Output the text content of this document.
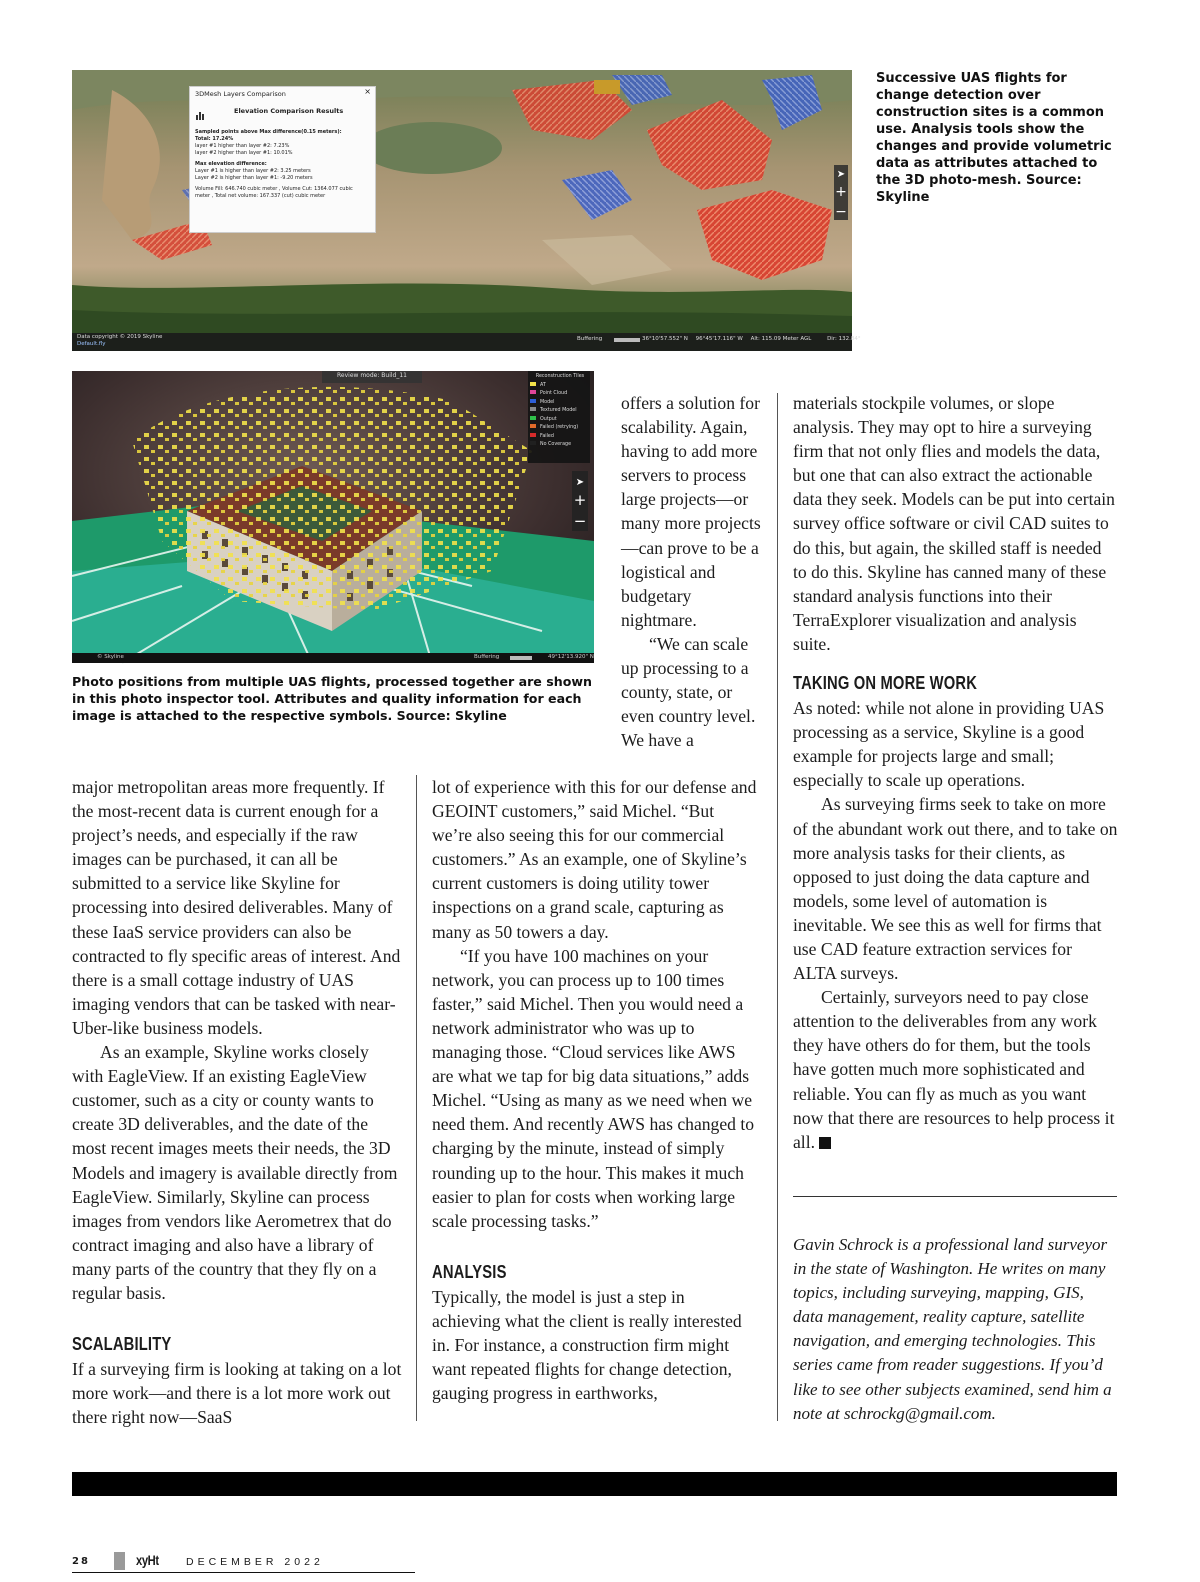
➤
+
−
3DMesh Layers Comparison	×
Elevation Comparison Results
Sampled points above Max difference(0.15 meters):
Total: 17.24%
layer #1 higher than layer #2: 7.23%
layer #2 higher than layer #1: 10.01%
Max elevation difference:
Layer #1 is higher than layer #2: 3.25 meters
Layer #2 is higher than layer #1: -9.20 meters
Volume Fill: 646.740 cubic meter , Volume Cut: 1364.077 cubic
meter , Total net volume: 167.337 (cut) cubic meter
Data copyright © 2019 Skyline
Default.fly
Buffering	36°10'57.552" N 96°45'17.116" W Alt: 115.09 Meter AGL	Dir: 132.84°
Successive UAS flights for change detection over construction sites is a common use. Analysis tools show the changes and provide volumetric data as attributes attached to the 3D photo-mesh. Source: Skyline
➤
+
−
Review mode: Build_11	Reconstruction Tiles
AT
Point Cloud
Model
Textured Model
Output
Failed (retrying)
Failed
No Coverage
© Skyline	Buffering	49°12'13.920" N
Photo positions from multiple UAS flights, processed together are shown in this photo inspector tool. Attributes and quality information for each image is attached to the respective symbols. Source: Skyline

offers a solution for scalability. Again, having to add more servers to process large projects—or many more projects—can prove to be a logistical and budgetary nightmare.

“We can scale up processing to a county, state, or even country level. We have a

materials stockpile volumes, or slope analysis. They may opt to hire a surveying firm that not only flies and models the data, but one that can also extract the actionable data they seek. Models can be put into certain survey office software or civil CAD suites to do this, but again, the skilled staff is needed to do this. Skyline has canned many of these standard analysis functions into their TerraExplorer visualization and analysis suite.

TAKING ON MORE WORK

As noted: while not alone in providing UAS processing as a service, Skyline is a good example for projects large and small; especially to scale up operations.

As surveying firms seek to take on more of the abundant work out there, and to take on more analysis tasks for their clients, as opposed to just doing the data capture and models, some level of automation is inevitable. We see this as well for firms that use CAD feature extraction services for ALTA surveys.

Certainly, surveyors need to pay close attention to the deliverables from any work they have others do for them, but the tools have gotten much more sophisticated and reliable. You can fly as much as you want now that there are resources to help process it all.

major metropolitan areas more frequently. If the most-recent data is current enough for a project’s needs, and especially if the raw images can be purchased, it can all be submitted to a service like Skyline for processing into desired deliverables. Many of these IaaS service providers can also be contracted to fly specific areas of interest. And there is a small cottage industry of UAS imaging vendors that can be tasked with near-Uber-like business models.

As an example, Skyline works closely with EagleView. If an existing EagleView customer, such as a city or county wants to create 3D deliverables, and the date of the most recent images meets their needs, the 3D Models and imagery is available directly from EagleView. Similarly, Skyline can process images from vendors like Aerometrex that do contract imaging and also have a library of many parts of the country that they fly on a regular basis.

SCALABILITY

If a surveying firm is looking at taking on a lot more work—and there is a lot more work out there right now—SaaS

lot of experience with this for our defense and GEOINT customers,” said Michel. “But we’re also seeing this for our commercial customers.” As an example, one of Skyline’s current customers is doing utility tower inspections on a grand scale, capturing as many as 50 towers a day.

“If you have 100 machines on your network, you can process up to 100 times faster,” said Michel. Then you would need a network administrator who was up to managing those. “Cloud services like AWS are what we tap for big data situations,” adds Michel. “Using as many as we need when we need them. And recently AWS has changed to charging by the minute, instead of simply rounding up to the hour. This makes it much easier to plan for costs when working large scale processing tasks.”

ANALYSIS

Typically, the model is just a step in achieving what the client is really interested in. For instance, a construction firm might want repeated flights for change detection, gauging progress in earthworks,

Gavin Schrock is a professional land surveyor in the state of Washington. He writes on many topics, including surveying, mapping, GIS, data management, reality capture, satellite navigation, and emerging technologies. This series came from reader suggestions. If you’d like to see other subjects examined, send him a note at schrockg@gmail.com.
28	xyHt	DECEMBER 2022
